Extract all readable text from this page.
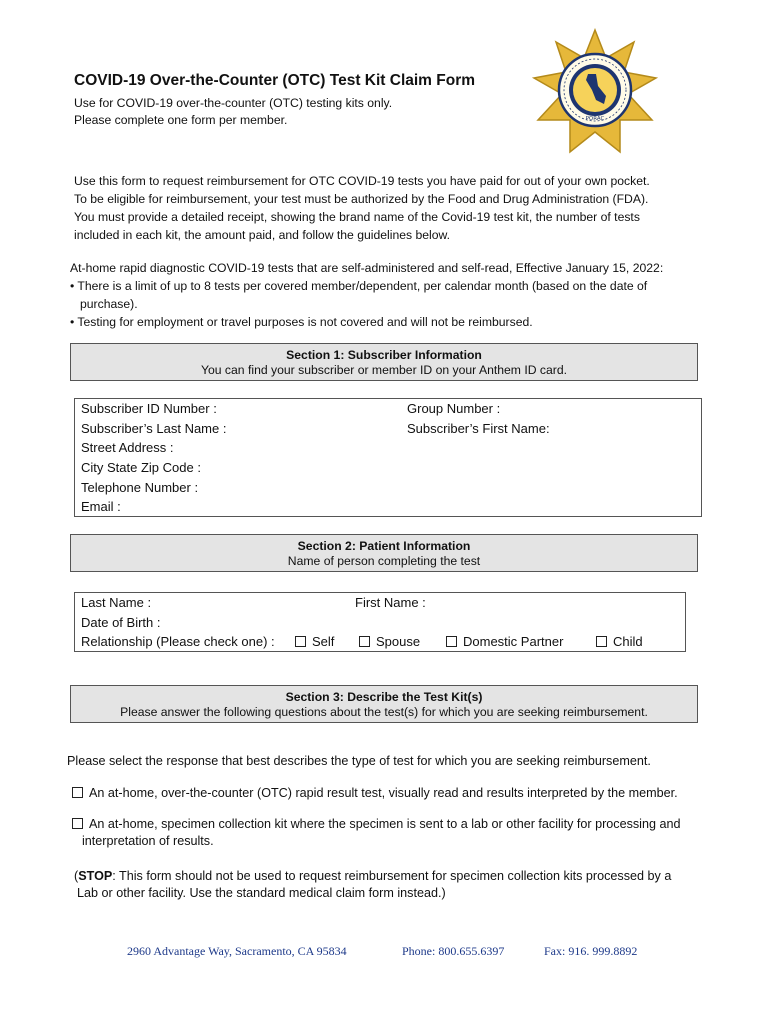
COVID-19 Over-the-Counter (OTC) Test Kit Claim Form
Use for COVID-19 over-the-counter (OTC) testing kits only.
Please complete one form per member.	PORAC
Use this form to request reimbursement for OTC COVID-19 tests you have paid for out of your own pocket.
To be eligible for reimbursement, your test must be authorized by the Food and Drug Administration (FDA).
You must provide a detailed receipt, showing the brand name of the Covid-19 test kit, the number of tests
included in each kit, the amount paid, and follow the guidelines below.
At-home rapid diagnostic COVID-19 tests that are self-administered and self-read, Effective January 15, 2022:
• There is a limit of up to 8 tests per covered member/dependent, per calendar month (based on the date of
purchase).
• Testing for employment or travel purposes is not covered and will not be reimbursed.
Section 1: Subscriber Information
You can find your subscriber or member ID on your Anthem ID card.
Subscriber ID Number :	Group Number :
Subscriber’s Last Name :	Subscriber’s First Name:
Street Address :
City State Zip Code :
Telephone Number :
Email :
Section 2: Patient Information
Name of person completing the test
Last Name :	First Name :
Date of Birth :
Relationship (Please check one) :	Self	Spouse	Domestic Partner	Child
Section 3: Describe the Test Kit(s)
Please answer the following questions about the test(s) for which you are seeking reimbursement.
Please select the response that best describes the type of test for which you are seeking reimbursement.
An at-home, over-the-counter (OTC) rapid result test, visually read and results interpreted by the member.
An at-home, specimen collection kit where the specimen is sent to a lab or other facility for processing and
interpretation of results.
(STOP: This form should not be used to request reimbursement for specimen collection kits processed by a
Lab or other facility. Use the standard medical claim form instead.)
2960 Advantage Way, Sacramento, CA 95834	Phone: 800.655.6397	Fax: 916. 999.8892
